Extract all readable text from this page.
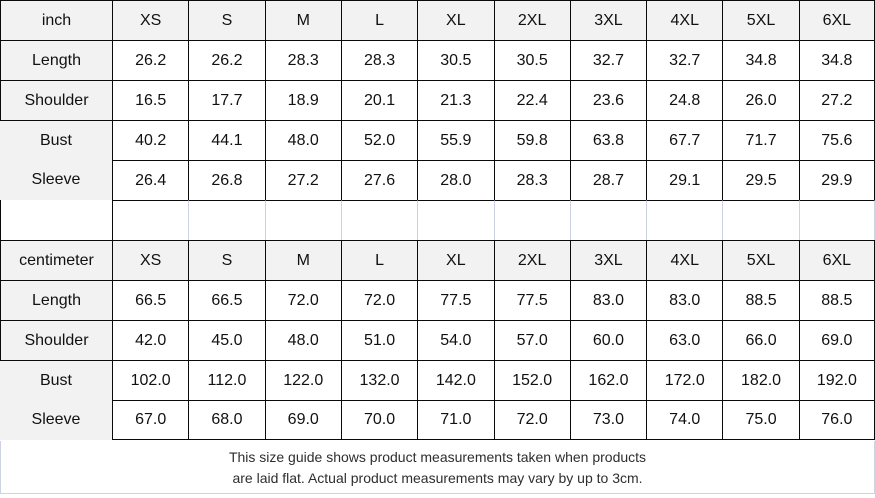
inch	XS	S	M	L	XL	2XL	3XL	4XL	5XL	6XL
Length	26.2	26.2	28.3	28.3	30.5	30.5	32.7	32.7	34.8	34.8
Shoulder	16.5	17.7	18.9	20.1	21.3	22.4	23.6	24.8	26.0	27.2
Bust	40.2	44.1	48.0	52.0	55.9	59.8	63.8	67.7	71.7	75.6
Sleeve	26.4	26.8	27.2	27.6	28.0	28.3	28.7	29.1	29.5	29.9
centimeter	XS	S	M	L	XL	2XL	3XL	4XL	5XL	6XL
Length	66.5	66.5	72.0	72.0	77.5	77.5	83.0	83.0	88.5	88.5
Shoulder	42.0	45.0	48.0	51.0	54.0	57.0	60.0	63.0	66.0	69.0
Bust	102.0	112.0	122.0	132.0	142.0	152.0	162.0	172.0	182.0	192.0
Sleeve	67.0	68.0	69.0	70.0	71.0	72.0	73.0	74.0	75.0	76.0
This size guide shows product measurements taken when products
are laid flat. Actual product measurements may vary by up to 3cm.
